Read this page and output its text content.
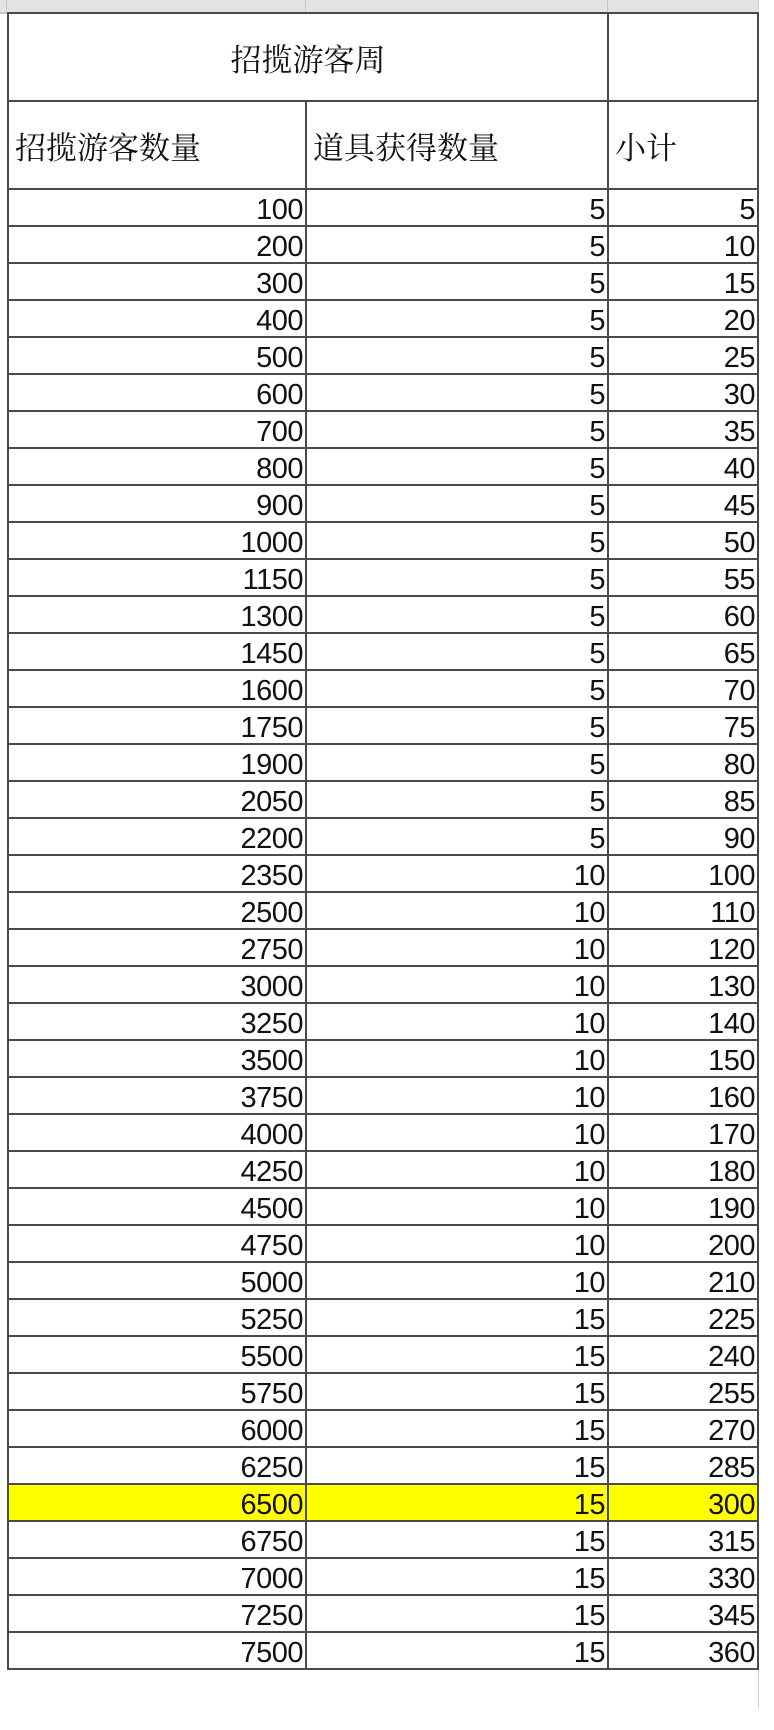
招揽游客周		
招揽游客数量	道具获得数量	小计
100	5	5
200	5	10
300	5	15
400	5	20
500	5	25
600	5	30
700	5	35
800	5	40
900	5	45
1000	5	50
1150	5	55
1300	5	60
1450	5	65
1600	5	70
1750	5	75
1900	5	80
2050	5	85
2200	5	90
2350	10	100
2500	10	110
2750	10	120
3000	10	130
3250	10	140
3500	10	150
3750	10	160
4000	10	170
4250	10	180
4500	10	190
4750	10	200
5000	10	210
5250	15	225
5500	15	240
5750	15	255
6000	15	270
6250	15	285
6500	15	300
6750	15	315
7000	15	330
7250	15	345
7500	15	360
